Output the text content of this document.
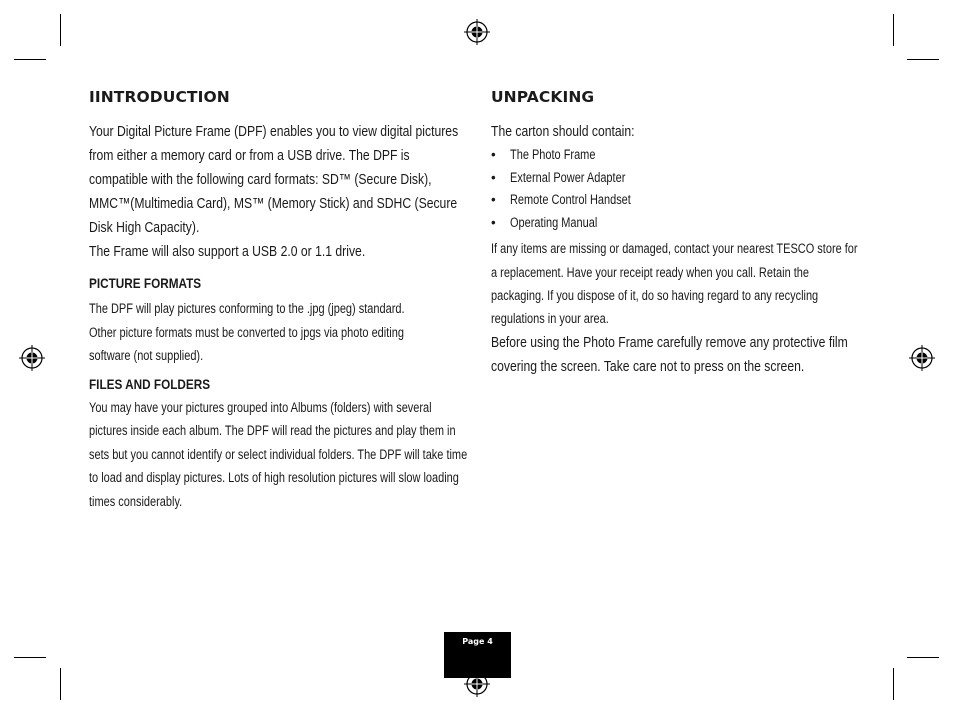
IINTRODUCTION

Your Digital Picture Frame (DPF) enables you to view digital pictures from either a memory card or from a USB drive. The DPF is compatible with the following card formats: SD™ (Secure Disk), MMC™(Multimedia Card), MS™ (Memory Stick) and SDHC (Secure Disk High Capacity).

The Frame will also support a USB 2.0 or 1.1 drive.

PICTURE FORMATS

The DPF will play pictures conforming to the .jpg (jpeg) standard.

Other picture formats must be converted to jpgs via photo editing software (not supplied).

FILES AND FOLDERS

You may have your pictures grouped into Albums (folders) with several pictures inside each album. The DPF will read the pictures and play them in sets but you cannot identify or select individual folders. The DPF will take time to load and display pictures. Lots of high resolution pictures will slow loading times considerably.

UNPACKING

The carton should contain:

• The Photo Frame
• External Power Adapter
• Remote Control Handset
• Operating Manual

If any items are missing or damaged, contact your nearest TESCO store for a replacement. Have your receipt ready when you call. Retain the packaging. If you dispose of it, do so having regard to any recycling regulations in your area.

Before using the Photo Frame carefully remove any protective film covering the screen. Take care not to press on the screen.

Page 4
